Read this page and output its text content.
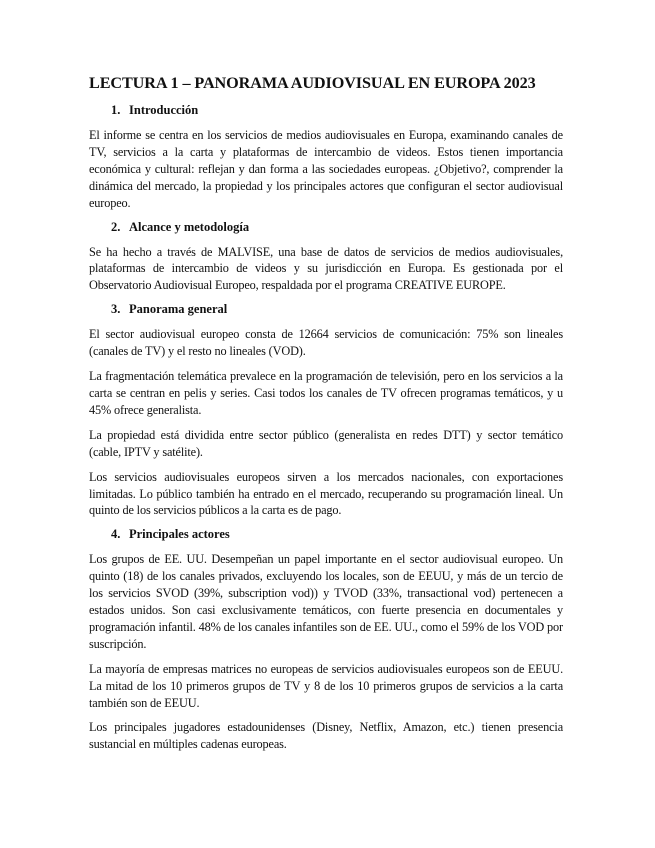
LECTURA 1 – PANORAMA AUDIOVISUAL EN EUROPA 2023
1. Introducción

El informe se centra en los servicios de medios audiovisuales en Europa, examinando canales de TV, servicios a la carta y plataformas de intercambio de videos. Estos tienen importancia económica y cultural: reflejan y dan forma a las sociedades europeas. ¿Objetivo?, comprender la dinámica del mercado, la propiedad y los principales actores que configuran el sector audiovisual europeo.

2. Alcance y metodología

Se ha hecho a través de MALVISE, una base de datos de servicios de medios audiovisuales, plataformas de intercambio de videos y su jurisdicción en Europa. Es gestionada por el Observatorio Audiovisual Europeo, respaldada por el programa CREATIVE EUROPE.

3. Panorama general

El sector audiovisual europeo consta de 12664 servicios de comunicación: 75% son lineales (canales de TV) y el resto no lineales (VOD).

La fragmentación telemática prevalece en la programación de televisión, pero en los servicios a la carta se centran en pelis y series. Casi todos los canales de TV ofrecen programas temáticos, y u 45% ofrece generalista.

La propiedad está dividida entre sector público (generalista en redes DTT) y sector temático (cable, IPTV y satélite).

Los servicios audiovisuales europeos sirven a los mercados nacionales, con exportaciones limitadas. Lo público también ha entrado en el mercado, recuperando su programación lineal. Un quinto de los servicios públicos a la carta es de pago.

4. Principales actores

Los grupos de EE. UU. Desempeñan un papel importante en el sector audiovisual europeo. Un quinto (18) de los canales privados, excluyendo los locales, son de EEUU, y más de un tercio de los servicios SVOD (39%, subscription vod)) y TVOD (33%, transactional vod) pertenecen a estados unidos. Son casi exclusivamente temáticos, con fuerte presencia en documentales y programación infantil. 48% de los canales infantiles son de EE. UU., como el 59% de los VOD por suscripción.

La mayoría de empresas matrices no europeas de servicios audiovisuales europeos son de EEUU. La mitad de los 10 primeros grupos de TV y 8 de los 10 primeros grupos de servicios a la carta también son de EEUU.

Los principales jugadores estadounidenses (Disney, Netflix, Amazon, etc.) tienen presencia sustancial en múltiples cadenas europeas.
